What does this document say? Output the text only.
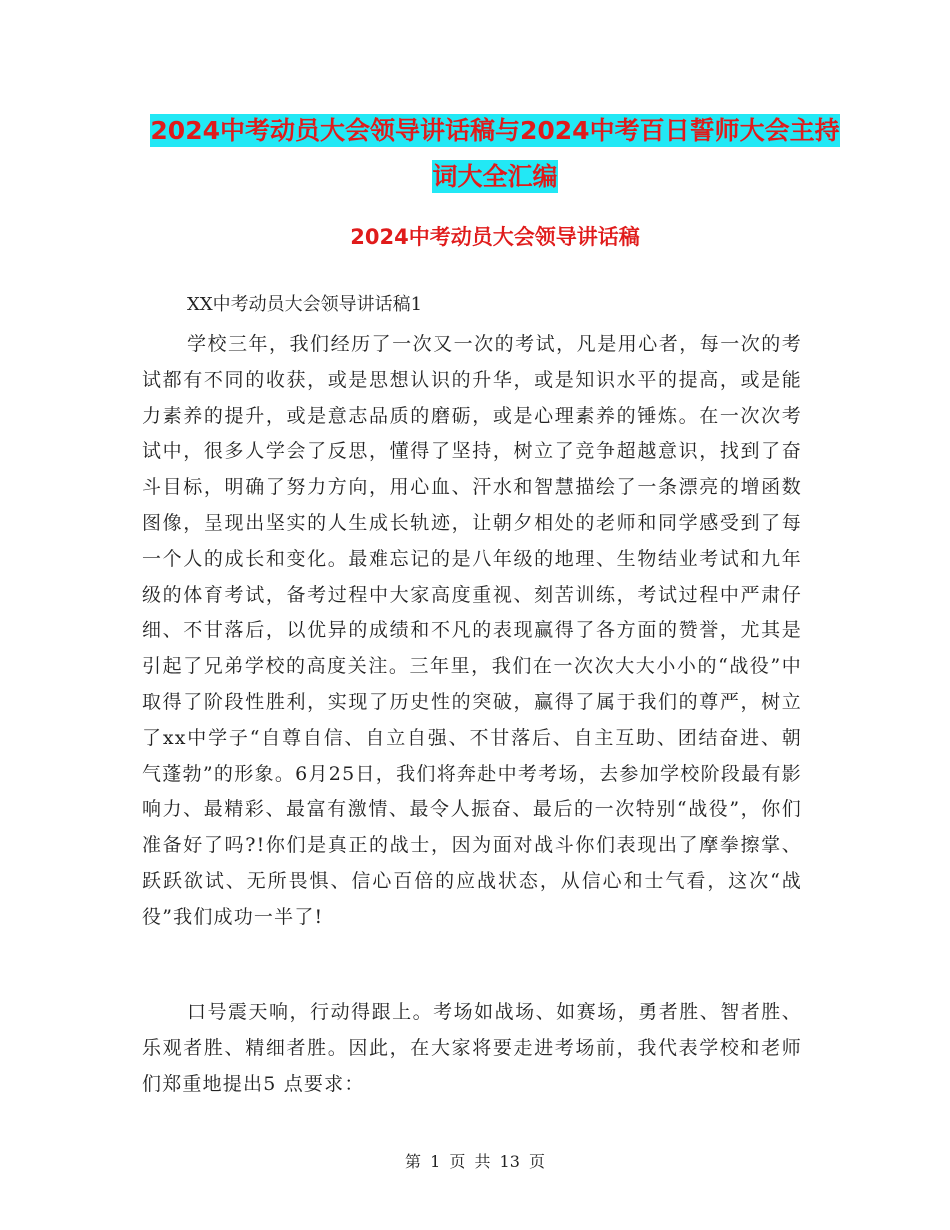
2024中考动员大会领导讲话稿与2024中考百日誓师大会主持词大全汇编
2024中考动员大会领导讲话稿
XX中考动员大会领导讲话稿1
学校三年，我们经历了一次又一次的考试，凡是用心者，每一次的考试都有不同的收获，或是思想认识的升华，或是知识水平的提高，或是能力素养的提升，或是意志品质的磨砺，或是心理素养的锤炼。在一次次考试中，很多人学会了反思，懂得了坚持，树立了竞争超越意识，找到了奋斗目标，明确了努力方向，用心血、汗水和智慧描绘了一条漂亮的增函数图像，呈现出坚实的人生成长轨迹，让朝夕相处的老师和同学感受到了每一个人的成长和变化。最难忘记的是八年级的地理、生物结业考试和九年级的体育考试，备考过程中大家高度重视、刻苦训练，考试过程中严肃仔细、不甘落后，以优异的成绩和不凡的表现赢得了各方面的赞誉，尤其是引起了兄弟学校的高度关注。三年里，我们在一次次大大小小的“战役”中取得了阶段性胜利，实现了历史性的突破，赢得了属于我们的尊严，树立了xx中学子“自尊自信、自立自强、不甘落后、自主互助、团结奋进、朝气蓬勃”的形象。6月25日，我们将奔赴中考考场，去参加学校阶段最有影响力、最精彩、最富有激情、最令人振奋、最后的一次特别“战役”，你们准备好了吗?!你们是真正的战士，因为面对战斗你们表现出了摩拳擦掌、跃跃欲试、无所畏惧、信心百倍的应战状态，从信心和士气看，这次“战役”我们成功一半了!
口号震天响，行动得跟上。考场如战场、如赛场，勇者胜、智者胜、乐观者胜、精细者胜。因此，在大家将要走进考场前，我代表学校和老师们郑重地提出5 点要求：
第 1 页 共 13 页
